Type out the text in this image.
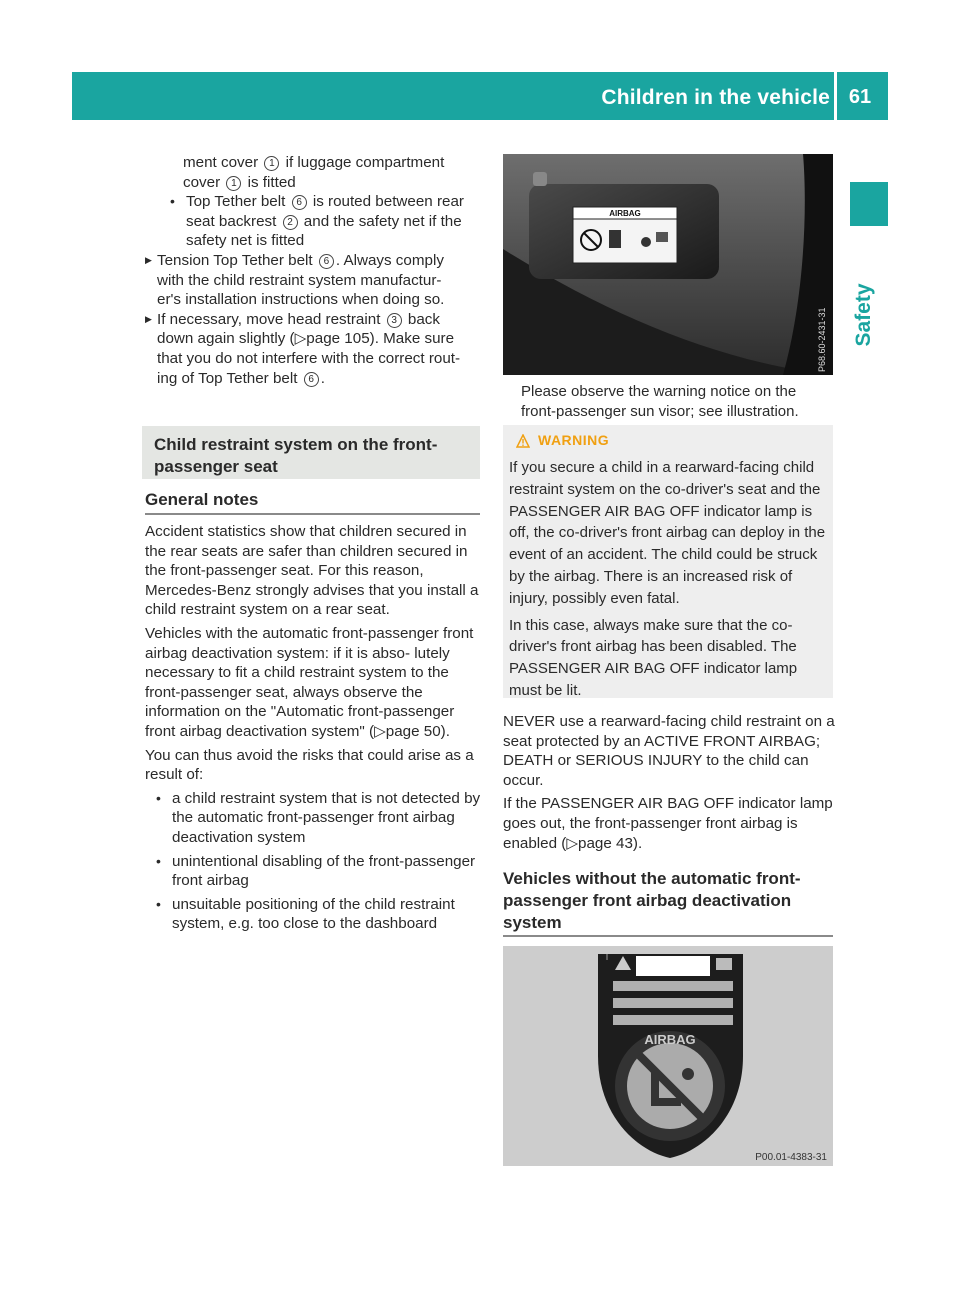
Children in the vehicle 61
Safety

ment cover 1 if luggage compartment
cover 1 is fitted

• Top Tether belt 6 is routed between rear
seat backrest 2 and the safety net if the
safety net is fitted

▶ Tension Top Tether belt 6 . Always comply
with the child restraint system manufactur-
er's installation instructions when doing so.

▶ If necessary, move head restraint 3 back
down again slightly (▷page 105). Make sure
that you do not interfere with the correct rout-
ing of Top Tether belt 6 .

Child restraint system on the front-
passenger seat
General notes

Accident statistics show that children secured in the rear seats are safer than children secured in the front-passenger seat. For this reason, Mercedes-Benz strongly advises that you install a child restraint system on a rear seat.

Vehicles with the automatic front-passenger front airbag deactivation system: if it is abso- lutely necessary to fit a child restraint system to the front-passenger seat, always observe the information on the "Automatic front-passenger front airbag deactivation system" (▷page 50).

You can thus avoid the risks that could arise as a result of:

• a child restraint system that is not detected by the automatic front-passenger front airbag deactivation system

• unintentional disabling of the front-passenger front airbag

• unsuitable positioning of the child restraint system, e.g. too close to the dashboard

AIRBAG
P68.60-2431-31
Please observe the warning notice on the
front-passenger sun visor; see illustration.
WARNING

If you secure a child in a rearward-facing child restraint system on the co-driver's seat and the PASSENGER AIR BAG OFF indicator lamp is off, the co-driver's front airbag can deploy in the event of an accident. The child could be struck by the airbag. There is an increased risk of injury, possibly even fatal.

In this case, always make sure that the co- driver's front airbag has been disabled. The PASSENGER AIR BAG OFF indicator lamp must be lit.

NEVER use a rearward-facing child restraint on a seat protected by an ACTIVE FRONT AIRBAG; DEATH or SERIOUS INJURY to the child can occur.

If the PASSENGER AIR BAG OFF indicator lamp goes out, the front-passenger front airbag is enabled (▷page 43).

Vehicles without the automatic front-
passenger front airbag deactivation
system
AIRBAG
P00.01-4383-31
